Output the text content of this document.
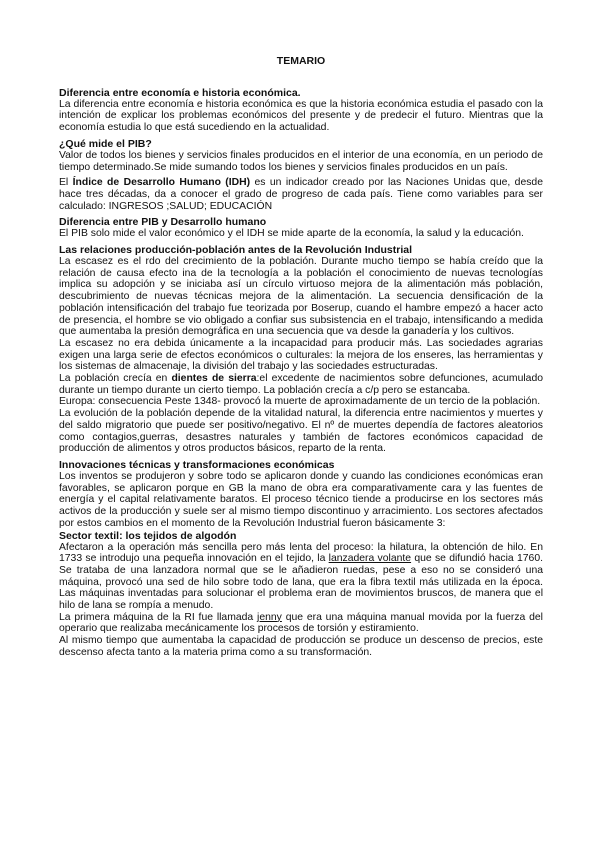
TEMARIO
Diferencia entre economía e historia económica.

La diferencia entre economía e historia económica es que la historia económica estudia el pasado con la intención de explicar los problemas económicos del presente y de predecir el futuro. Mientras que la economía estudia lo que está sucediendo en la actualidad.

¿Qué mide el PIB?

Valor de todos los bienes y servicios finales producidos en el interior de una economía, en un periodo de tiempo determinado.Se mide sumando todos los bienes y servicios finales producidos en un país.

El Índice de Desarrollo Humano (IDH) es un indicador creado por las Naciones Unidas que, desde hace tres décadas, da a conocer el grado de progreso de cada país. Tiene como variables para ser calculado: INGRESOS ;SALUD; EDUCACIÓN

Diferencia entre PIB y Desarrollo humano

El PIB solo mide el valor económico y el IDH se mide aparte de la economía, la salud y la educación.

Las relaciones producción-población antes de la Revolución Industrial

La escasez es el rdo del crecimiento de la población. Durante mucho tiempo se había creído que la relación de causa efecto ina de la tecnología a la población el conocimiento de nuevas tecnologías implica su adopción y se iniciaba así un círculo virtuoso mejora de la alimentación más población, descubrimiento de nuevas técnicas mejora de la alimentación. La secuencia densificación de la población intensificación del trabajo fue teorizada por Boserup, cuando el hambre empezó a hacer acto de presencia, el hombre se vio obligado a confiar sus subsistencia en el trabajo, intensificando a medida que aumentaba la presión demográfica en una secuencia que va desde la ganadería y los cultivos.

La escasez no era debida únicamente a la incapacidad para producir más. Las sociedades agrarias exigen una larga serie de efectos económicos o culturales: la mejora de los enseres, las herramientas y los sistemas de almacenaje, la división del trabajo y las sociedades estructuradas.

La población crecía en dientes de sierra:el excedente de nacimientos sobre defunciones, acumulado durante un tiempo durante un cierto tiempo. La población crecía a c/p pero se estancaba.

Europa: consecuencia Peste 1348- provocó la muerte de aproximadamente de un tercio de la población.

La evolución de la población depende de la vitalidad natural, la diferencia entre nacimientos y muertes y del saldo migratorio que puede ser positivo/negativo. El nº de muertes dependía de factores aleatorios como contagios,guerras, desastres naturales y también de factores económicos capacidad de producción de alimentos y otros productos básicos, reparto de la renta.

Innovaciones técnicas y transformaciones económicas

Los inventos se produjeron y sobre todo se aplicaron donde y cuando las condiciones económicas eran favorables, se aplicaron porque en GB la mano de obra era comparativamente cara y las fuentes de energía y el capital relativamente baratos. El proceso técnico tiende a producirse en los sectores más activos de la producción y suele ser al mismo tiempo discontinuo y arracimiento. Los sectores afectados por estos cambios en el momento de la Revolución Industrial fueron básicamente 3:

Sector textil: los tejidos de algodón

Afectaron a la operación más sencilla pero más lenta del proceso: la hilatura, la obtención de hilo. En 1733 se introdujo una pequeña innovación en el tejido, la lanzadera volante que se difundió hacia 1760. Se trataba de una lanzadora normal que se le añadieron ruedas, pese a eso no se consideró una máquina, provocó una sed de hilo sobre todo de lana, que era la fibra textil más utilizada en la época. Las máquinas inventadas para solucionar el problema eran de movimientos bruscos, de manera que el hilo de lana se rompía a menudo.

La primera máquina de la RI fue llamada jenny que era una máquina manual movida por la fuerza del operario que realizaba mecánicamente los procesos de torsión y estiramiento.

Al mismo tiempo que aumentaba la capacidad de producción se produce un descenso de precios, este descenso afecta tanto a la materia prima como a su transformación.
